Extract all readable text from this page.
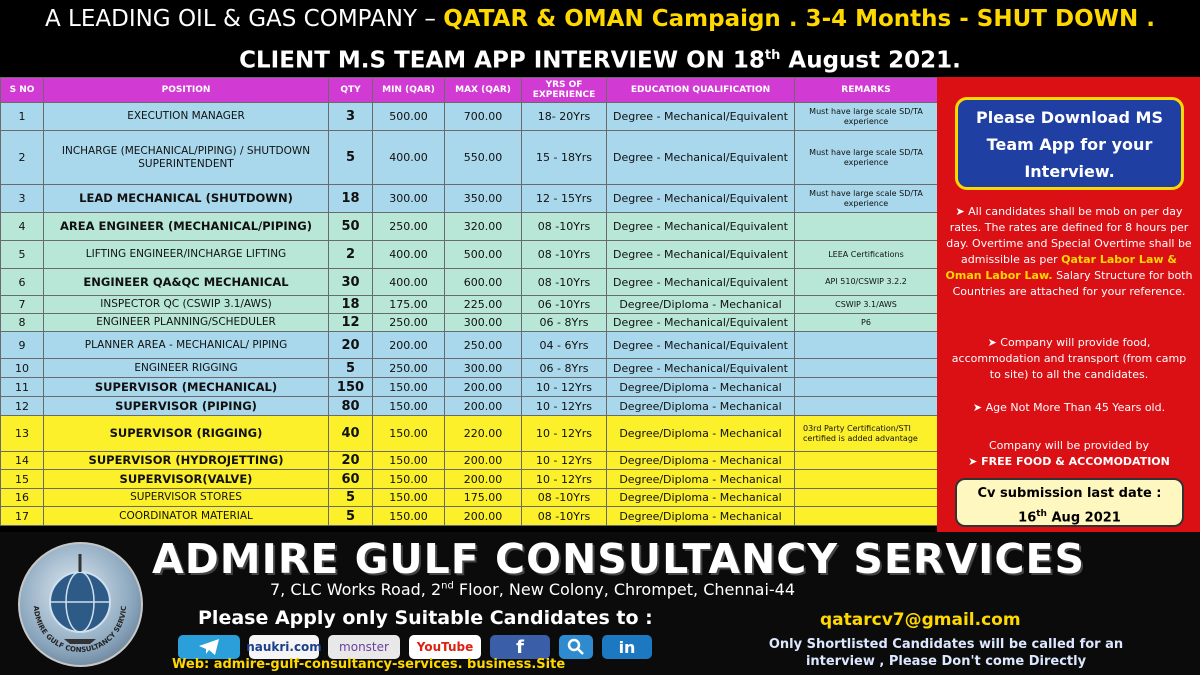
A LEADING OIL & GAS COMPANY – QATAR & OMAN Campaign . 3-4 Months - SHUT DOWN .
CLIENT M.S TEAM APP INTERVIEW ON 18th August 2021.
S NO	POSITION	QTY	MIN (QAR)	MAX (QAR)	YRS OF EXPERIENCE	EDUCATION QUALIFICATION	REMARKS
1	EXECUTION MANAGER	3	500.00	700.00	18- 20Yrs	Degree - Mechanical/Equivalent	Must have large scale SD/TA experience
2	INCHARGE (MECHANICAL/PIPING) / SHUTDOWN SUPERINTENDENT	5	400.00	550.00	15 - 18Yrs	Degree - Mechanical/Equivalent	Must have large scale SD/TA experience
3	LEAD MECHANICAL (SHUTDOWN)	18	300.00	350.00	12 - 15Yrs	Degree - Mechanical/Equivalent	Must have large scale SD/TA experience
4	AREA ENGINEER (MECHANICAL/PIPING)	50	250.00	320.00	08 -10Yrs	Degree - Mechanical/Equivalent	
5	LIFTING ENGINEER/INCHARGE LIFTING	2	400.00	500.00	08 -10Yrs	Degree - Mechanical/Equivalent	LEEA Certifications
6	ENGINEER QA&QC MECHANICAL	30	400.00	600.00	08 -10Yrs	Degree - Mechanical/Equivalent	API 510/CSWIP 3.2.2
7	INSPECTOR QC (CSWIP 3.1/AWS)	18	175.00	225.00	06 -10Yrs	Degree/Diploma - Mechanical	CSWIP 3.1/AWS
8	ENGINEER PLANNING/SCHEDULER	12	250.00	300.00	06 - 8Yrs	Degree - Mechanical/Equivalent	P6
9	PLANNER AREA - MECHANICAL/ PIPING	20	200.00	250.00	04 - 6Yrs	Degree - Mechanical/Equivalent	
10	ENGINEER RIGGING	5	250.00	300.00	06 - 8Yrs	Degree - Mechanical/Equivalent	
11	SUPERVISOR (MECHANICAL)	150	150.00	200.00	10 - 12Yrs	Degree/Diploma - Mechanical	
12	SUPERVISOR (PIPING)	80	150.00	200.00	10 - 12Yrs	Degree/Diploma - Mechanical	
13	SUPERVISOR (RIGGING)	40	150.00	220.00	10 - 12Yrs	Degree/Diploma - Mechanical	03rd Party Certification/STI certified is added advantage
14	SUPERVISOR (HYDROJETTING)	20	150.00	200.00	10 - 12Yrs	Degree/Diploma - Mechanical	
15	SUPERVISOR(VALVE)	60	150.00	200.00	10 - 12Yrs	Degree/Diploma - Mechanical	
16	SUPERVISOR STORES	5	150.00	175.00	08 -10Yrs	Degree/Diploma - Mechanical	
17	COORDINATOR MATERIAL	5	150.00	200.00	08 -10Yrs	Degree/Diploma - Mechanical	
Please Download MS Team App for your Interview.
➤ All candidates shall be mob on per day rates. The rates are defined for 8 hours per day. Overtime and Special Overtime shall be admissible as per Qatar Labor Law & Oman Labor Law. Salary Structure for both Countries are attached for your reference.
➤ Company will provide food, accommodation and transport (from camp to site) to all the candidates.
➤ Age Not More Than 45 Years old.
Company will be provided by
➤ FREE FOOD & ACCOMODATION
Cv submission last date :
16th Aug 2021
ADMIRE GULF CONSULTANCY SERVIC
ADMIRE GULF CONSULTANCY SERVICES
7, CLC Works Road, 2nd Floor, New Colony, Chrompet, Chennai-44
Please Apply only Suitable Candidates to :	qatarcv7@gmail.com
naukri.com	monster	YouTube	f	in
Web: admire-gulf-consultancy-services. business.Site
Only Shortlisted Candidates will be called for an interview , Please Don't come Directly
